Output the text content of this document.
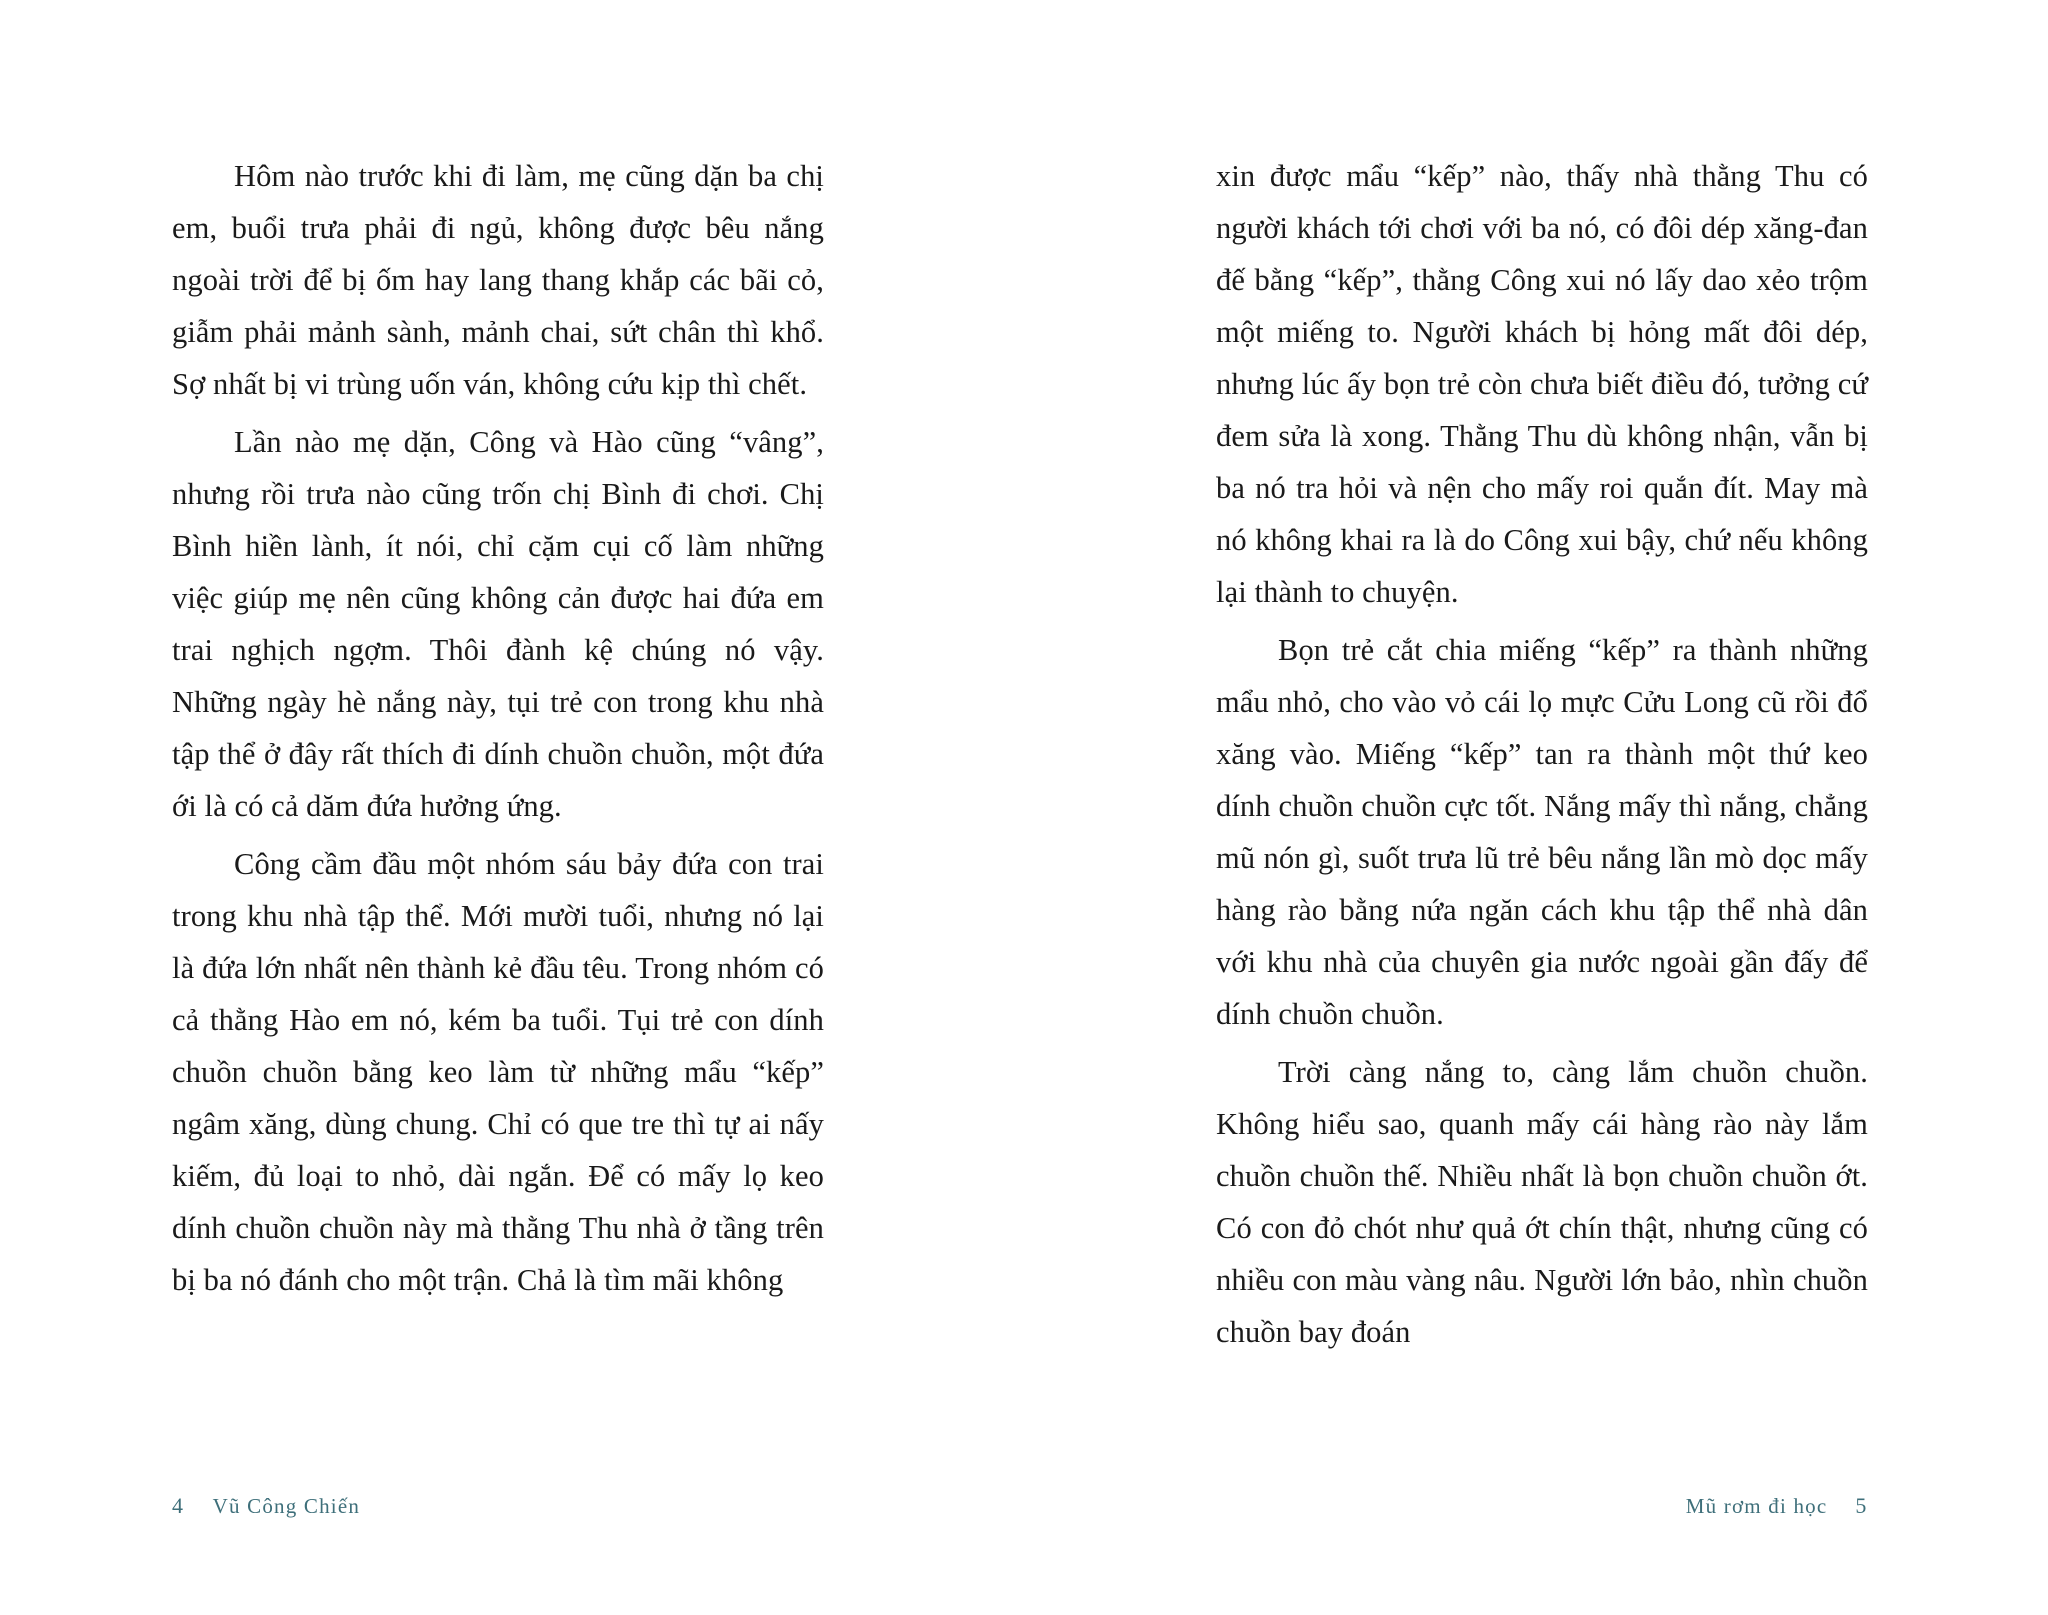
Hôm nào trước khi đi làm, mẹ cũng dặn ba chị em, buổi trưa phải đi ngủ, không được bêu nắng ngoài trời để bị ốm hay lang thang khắp các bãi cỏ, giẫm phải mảnh sành, mảnh chai, sứt chân thì khổ. Sợ nhất bị vi trùng uốn ván, không cứu kịp thì chết.

Lần nào mẹ dặn, Công và Hào cũng “vâng”, nhưng rồi trưa nào cũng trốn chị Bình đi chơi. Chị Bình hiền lành, ít nói, chỉ cặm cụi cố làm những việc giúp mẹ nên cũng không cản được hai đứa em trai nghịch ngợm. Thôi đành kệ chúng nó vậy. Những ngày hè nắng này, tụi trẻ con trong khu nhà tập thể ở đây rất thích đi dính chuồn chuồn, một đứa ới là có cả dăm đứa hưởng ứng.

Công cầm đầu một nhóm sáu bảy đứa con trai trong khu nhà tập thể. Mới mười tuổi, nhưng nó lại là đứa lớn nhất nên thành kẻ đầu têu. Trong nhóm có cả thằng Hào em nó, kém ba tuổi. Tụi trẻ con dính chuồn chuồn bằng keo làm từ những mẩu “kếp” ngâm xăng, dùng chung. Chỉ có que tre thì tự ai nấy kiếm, đủ loại to nhỏ, dài ngắn. Để có mấy lọ keo dính chuồn chuồn này mà thằng Thu nhà ở tầng trên bị ba nó đánh cho một trận. Chả là tìm mãi không

4 Vũ Công Chiến

xin được mẩu “kếp” nào, thấy nhà thằng Thu có người khách tới chơi với ba nó, có đôi dép xăng-đan đế bằng “kếp”, thằng Công xui nó lấy dao xẻo trộm một miếng to. Người khách bị hỏng mất đôi dép, nhưng lúc ấy bọn trẻ còn chưa biết điều đó, tưởng cứ đem sửa là xong. Thằng Thu dù không nhận, vẫn bị ba nó tra hỏi và nện cho mấy roi quắn đít. May mà nó không khai ra là do Công xui bậy, chứ nếu không lại thành to chuyện.

Bọn trẻ cắt chia miếng “kếp” ra thành những mẩu nhỏ, cho vào vỏ cái lọ mực Cửu Long cũ rồi đổ xăng vào. Miếng “kếp” tan ra thành một thứ keo dính chuồn chuồn cực tốt. Nắng mấy thì nắng, chẳng mũ nón gì, suốt trưa lũ trẻ bêu nắng lần mò dọc mấy hàng rào bằng nứa ngăn cách khu tập thể nhà dân với khu nhà của chuyên gia nước ngoài gần đấy để dính chuồn chuồn.

Trời càng nắng to, càng lắm chuồn chuồn. Không hiểu sao, quanh mấy cái hàng rào này lắm chuồn chuồn thế. Nhiều nhất là bọn chuồn chuồn ớt. Có con đỏ chót như quả ớt chín thật, nhưng cũng có nhiều con màu vàng nâu. Người lớn bảo, nhìn chuồn chuồn bay đoán

Mũ rơm đi học 5
